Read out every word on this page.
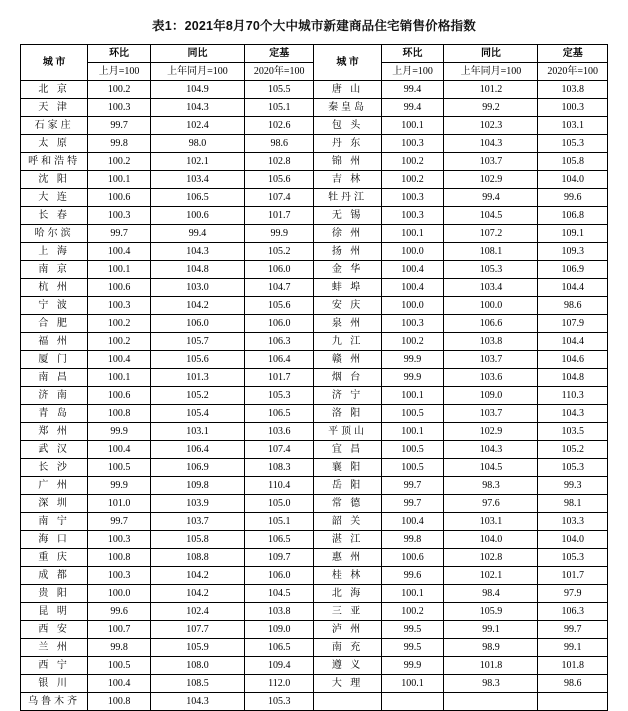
表1：2021年8月70个大中城市新建商品住宅销售价格指数
城 市	环比	同比	定基	城 市	环比	同比	定基
	上月=100	上年同月=100	2020年=100		上月=100	上年同月=100	2020年=100
北 京	100.2	104.9	105.5	唐 山	99.4	101.2	103.8
天 津	100.3	104.3	105.1	秦皇岛	99.4	99.2	100.3
石家庄	99.7	102.4	102.6	包 头	100.1	102.3	103.1
太 原	99.8	98.0	98.6	丹 东	100.3	104.3	105.3
呼和浩特	100.2	102.1	102.8	锦 州	100.2	103.7	105.8
沈 阳	100.1	103.4	105.6	吉 林	100.2	102.9	104.0
大 连	100.6	106.5	107.4	牡丹江	100.3	99.4	99.6
长 春	100.3	100.6	101.7	无 锡	100.3	104.5	106.8
哈尔滨	99.7	99.4	99.9	徐 州	100.1	107.2	109.1
上 海	100.4	104.3	105.2	扬 州	100.0	108.1	109.3
南 京	100.1	104.8	106.0	金 华	100.4	105.3	106.9
杭 州	100.6	103.0	104.7	蚌 埠	100.4	103.4	104.4
宁 波	100.3	104.2	105.6	安 庆	100.0	100.0	98.6
合 肥	100.2	106.0	106.0	泉 州	100.3	106.6	107.9
福 州	100.2	105.7	106.3	九 江	100.2	103.8	104.4
厦 门	100.4	105.6	106.4	赣 州	99.9	103.7	104.6
南 昌	100.1	101.3	101.7	烟 台	99.9	103.6	104.8
济 南	100.6	105.2	105.3	济 宁	100.1	109.0	110.3
青 岛	100.8	105.4	106.5	洛 阳	100.5	103.7	104.3
郑 州	99.9	103.1	103.6	平顶山	100.1	102.9	103.5
武 汉	100.4	106.4	107.4	宜 昌	100.5	104.3	105.2
长 沙	100.5	106.9	108.3	襄 阳	100.5	104.5	105.3
广 州	99.9	109.8	110.4	岳 阳	99.7	98.3	99.3
深 圳	101.0	103.9	105.0	常 德	99.7	97.6	98.1
南 宁	99.7	103.7	105.1	韶 关	100.4	103.1	103.3
海 口	100.3	105.8	106.5	湛 江	99.8	104.0	104.0
重 庆	100.8	108.8	109.7	惠 州	100.6	102.8	105.3
成 都	100.3	104.2	106.0	桂 林	99.6	102.1	101.7
贵 阳	100.0	104.2	104.5	北 海	100.1	98.4	97.9
昆 明	99.6	102.4	103.8	三 亚	100.2	105.9	106.3
西 安	100.7	107.7	109.0	泸 州	99.5	99.1	99.7
兰 州	99.8	105.9	106.5	南 充	99.5	98.9	99.1
西 宁	100.5	108.0	109.4	遵 义	99.9	101.8	101.8
银 川	100.4	108.5	112.0	大 理	100.1	98.3	98.6
乌鲁木齐	100.8	104.3	105.3				
